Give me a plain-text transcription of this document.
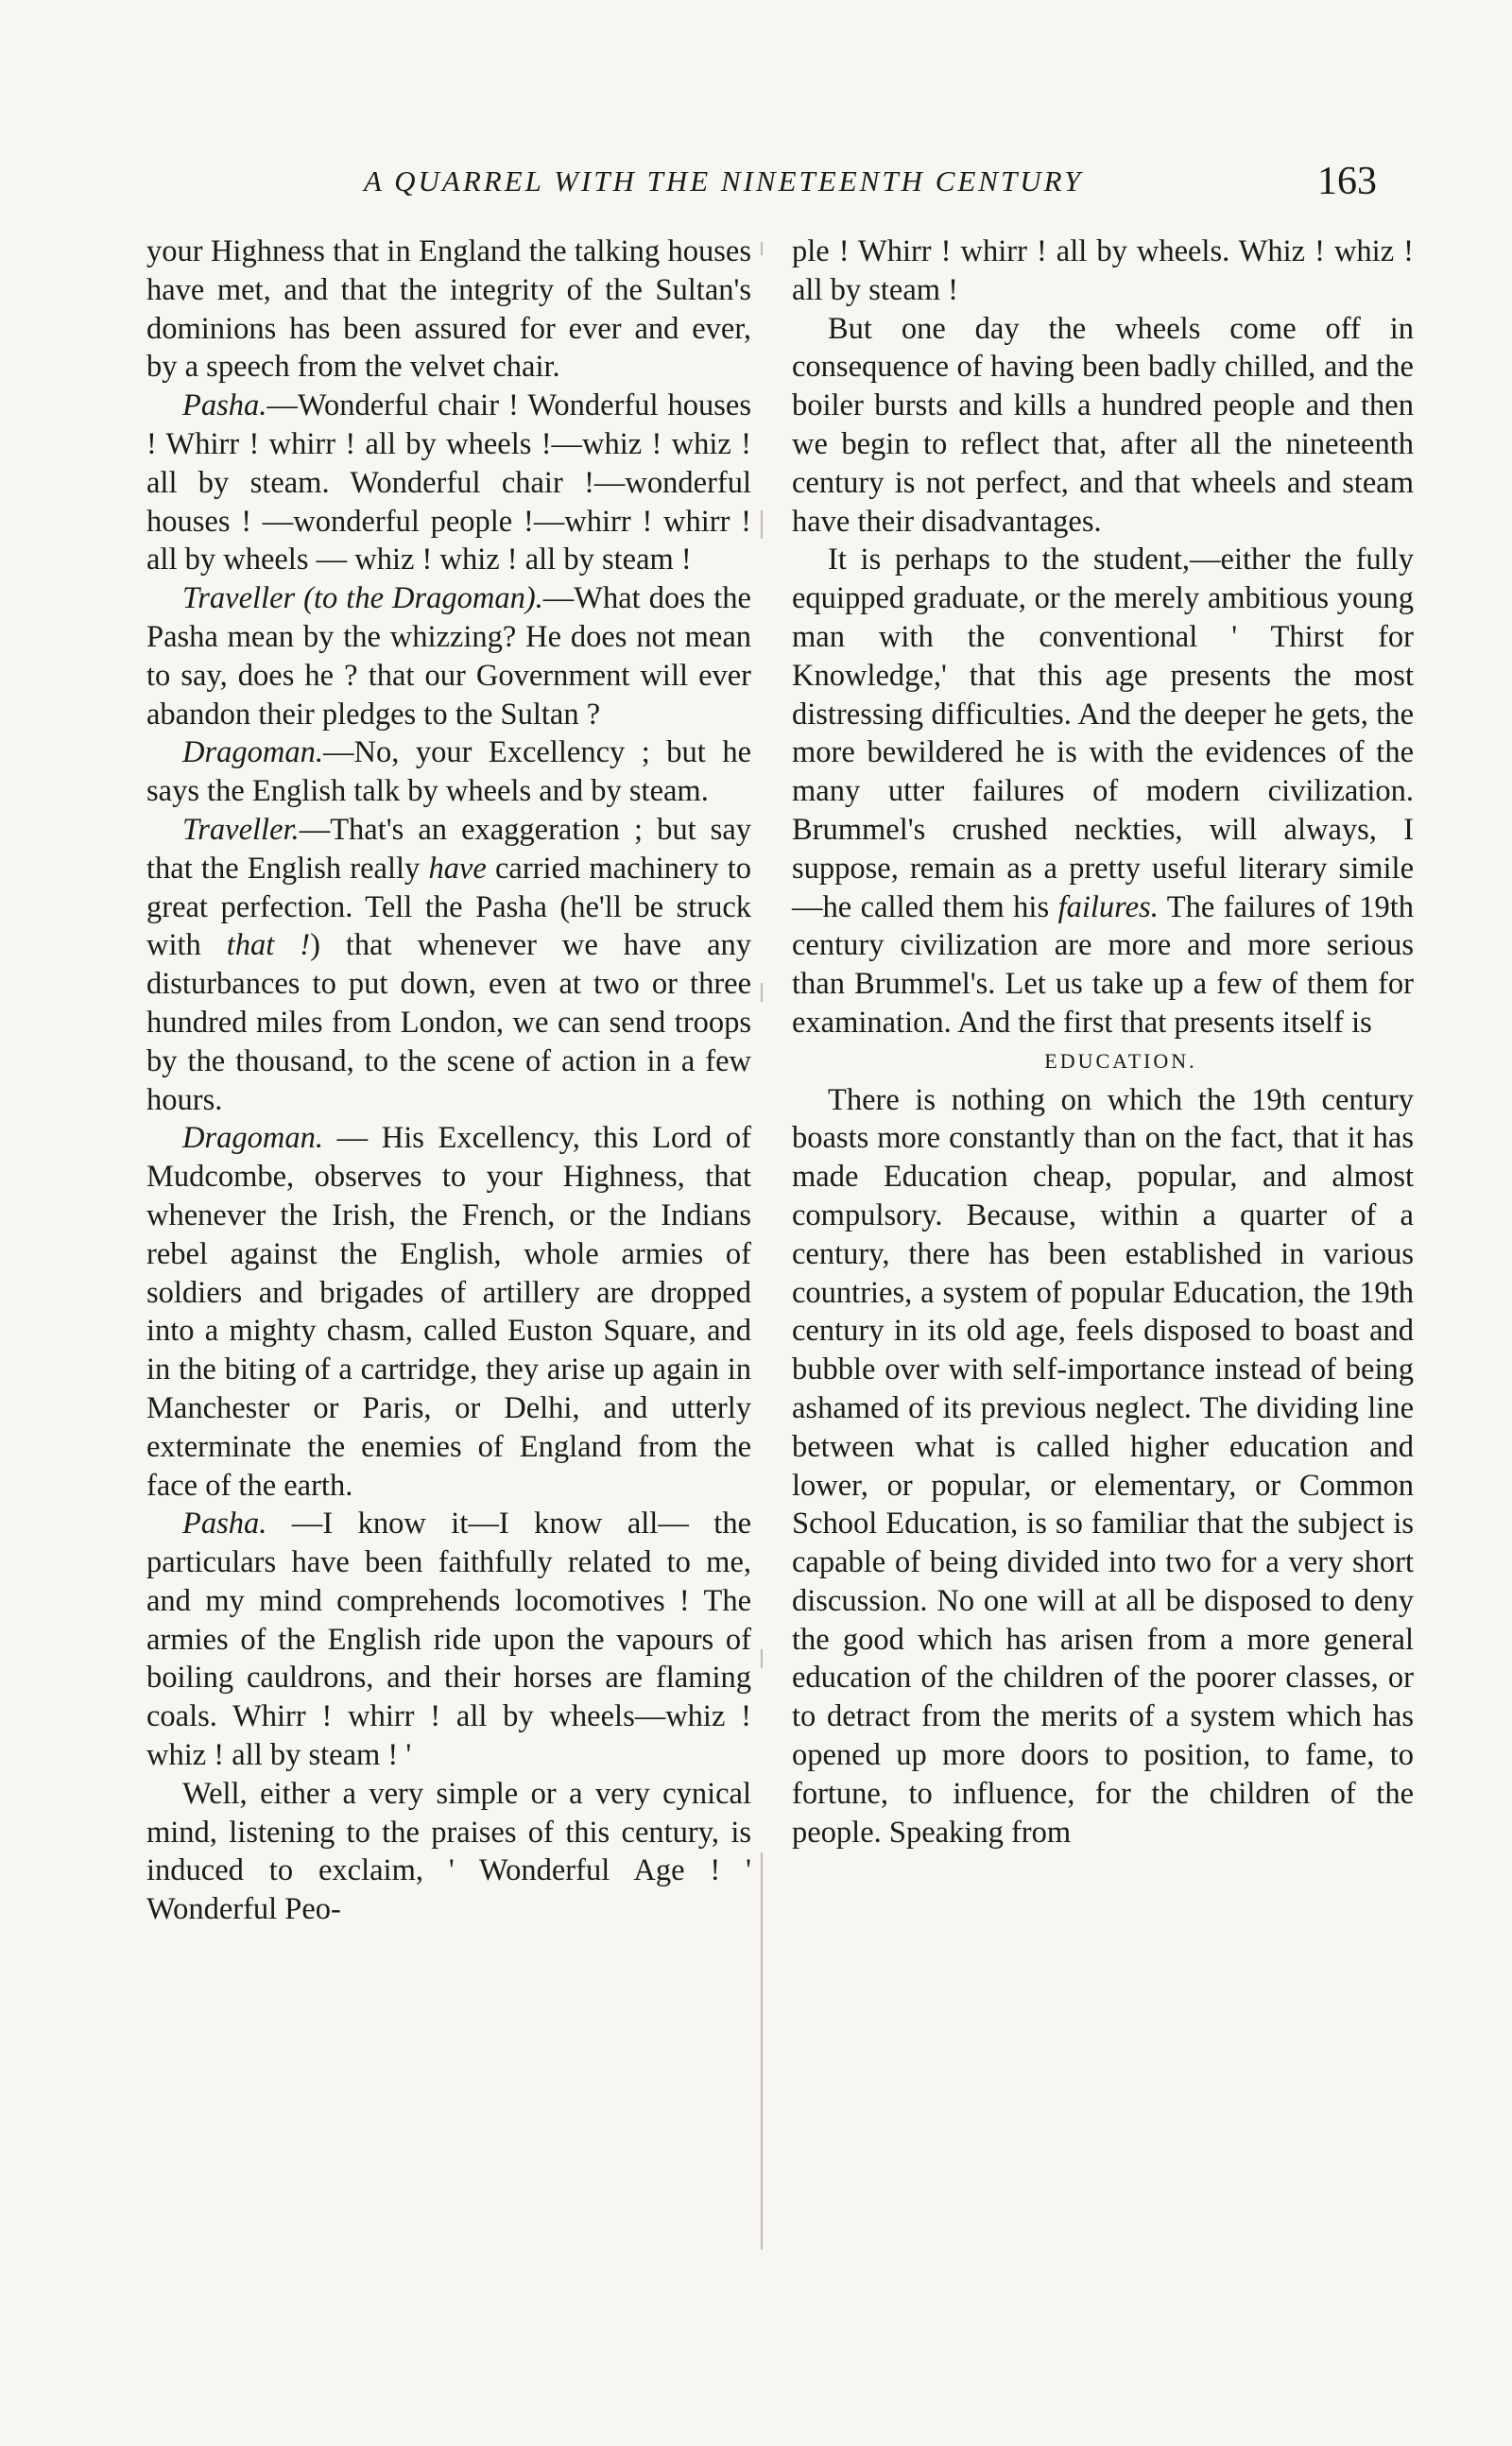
A QUARREL WITH THE NINETEENTH CENTURY	163

your Highness that in England the talking houses have met, and that the integrity of the Sultan's dominions has been assured for ever and ever, by a speech from the velvet chair.

Pasha.—Wonderful chair ! Wonderful houses ! Whirr ! whirr ! all by wheels !—whiz ! whiz ! all by steam. Wonderful chair !—wonderful houses ! —wonderful people !—whirr ! whirr ! all by wheels — whiz ! whiz ! all by steam !

Traveller (to the Dragoman).—What does the Pasha mean by the whizzing? He does not mean to say, does he ? that our Government will ever abandon their pledges to the Sultan ?

Dragoman.—No, your Excellency ; but he says the English talk by wheels and by steam.

Traveller.—That's an exaggeration ; but say that the English really have carried machinery to great perfection. Tell the Pasha (he'll be struck with that !) that whenever we have any disturbances to put down, even at two or three hundred miles from London, we can send troops by the thousand, to the scene of action in a few hours.

Dragoman. — His Excellency, this Lord of Mudcombe, observes to your Highness, that whenever the Irish, the French, or the Indians rebel against the English, whole armies of soldiers and brigades of artillery are dropped into a mighty chasm, called Euston Square, and in the biting of a cartridge, they arise up again in Manchester or Paris, or Delhi, and utterly exterminate the enemies of England from the face of the earth.

Pasha. —I know it—I know all— the particulars have been faithfully related to me, and my mind comprehends locomotives ! The armies of the English ride upon the vapours of boiling cauldrons, and their horses are flaming coals. Whirr ! whirr ! all by wheels—whiz ! whiz ! all by steam ! '

Well, either a very simple or a very cynical mind, listening to the praises of this century, is induced to exclaim, ' Wonderful Age ! ' Wonderful Peo-

ple ! Whirr ! whirr ! all by wheels. Whiz ! whiz ! all by steam !

But one day the wheels come off in consequence of having been badly chilled, and the boiler bursts and kills a hundred people and then we begin to reflect that, after all the nineteenth century is not perfect, and that wheels and steam have their disadvantages.

It is perhaps to the student,—either the fully equipped graduate, or the merely ambitious young man with the conventional ' Thirst for Knowledge,' that this age presents the most distressing difficulties. And the deeper he gets, the more bewildered he is with the evidences of the many utter failures of modern civilization. Brummel's crushed neckties, will always, I suppose, remain as a pretty useful literary simile—he called them his failures. The failures of 19th century civilization are more and more serious than Brummel's. Let us take up a few of them for examination. And the first that presents itself is

EDUCATION.

There is nothing on which the 19th century boasts more constantly than on the fact, that it has made Education cheap, popular, and almost compulsory. Because, within a quarter of a century, there has been established in various countries, a system of popular Education, the 19th century in its old age, feels disposed to boast and bubble over with self-importance instead of being ashamed of its previous neglect. The dividing line between what is called higher education and lower, or popular, or elementary, or Common School Education, is so familiar that the subject is capable of being divided into two for a very short discussion. No one will at all be disposed to deny the good which has arisen from a more general education of the children of the poorer classes, or to detract from the merits of a system which has opened up more doors to position, to fame, to fortune, to influence, for the children of the people. Speaking from
